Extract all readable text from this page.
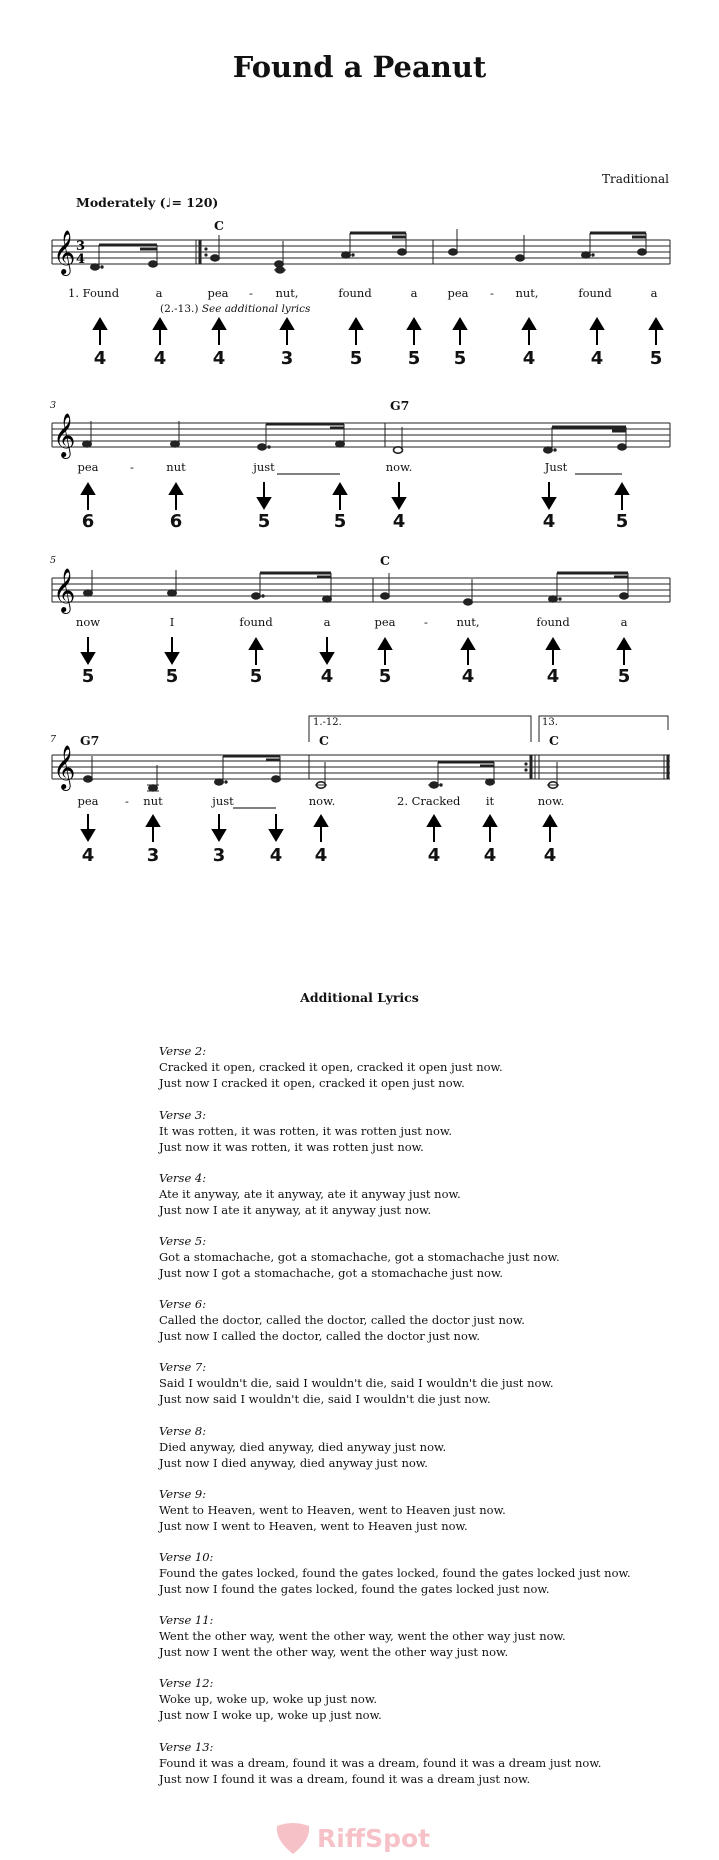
Found a Peanut
Traditional
Moderately (♩= 120)
𝄞 3
4
C
1. Found	a	pea - nut,	found	a	pea - nut,	found	a
(2.-13.) See additional lyrics
4	4	4	3	5	5 5	4	4	5
𝄞
3	G7
pea	-	nut	just	now.	Just
6	6	5	5	4	4	5
𝄞
5	C
now	I	found	a	pea - nut,	found	a
5	5	5	4	5	4	4	5
𝄞
1.-12.	13.
7 G7	C	C
pea - nut	just	now.	2. Cracked it	now.
4	3	3 4 4	4 4	4
Additional Lyrics
Verse 2:
Cracked it open, cracked it open, cracked it open just now.
Just now I cracked it open, cracked it open just now.
Verse 3:
It was rotten, it was rotten, it was rotten just now.
Just now it was rotten, it was rotten just now.
Verse 4:
Ate it anyway, ate it anyway, ate it anyway just now.
Just now I ate it anyway, at it anyway just now.
Verse 5:
Got a stomachache, got a stomachache, got a stomachache just now.
Just now I got a stomachache, got a stomachache just now.
Verse 6:
Called the doctor, called the doctor, called the doctor just now.
Just now I called the doctor, called the doctor just now.
Verse 7:
Said I wouldn't die, said I wouldn't die, said I wouldn't die just now.
Just now said I wouldn't die, said I wouldn't die just now.
Verse 8:
Died anyway, died anyway, died anyway just now.
Just now I died anyway, died anyway just now.
Verse 9:
Went to Heaven, went to Heaven, went to Heaven just now.
Just now I went to Heaven, went to Heaven just now.
Verse 10:
Found the gates locked, found the gates locked, found the gates locked just now.
Just now I found the gates locked, found the gates locked just now.
Verse 11:
Went the other way, went the other way, went the other way just now.
Just now I went the other way, went the other way just now.
Verse 12:
Woke up, woke up, woke up just now.
Just now I woke up, woke up just now.
Verse 13:
Found it was a dream, found it was a dream, found it was a dream just now.
Just now I found it was a dream, found it was a dream just now.
RiffSpot
